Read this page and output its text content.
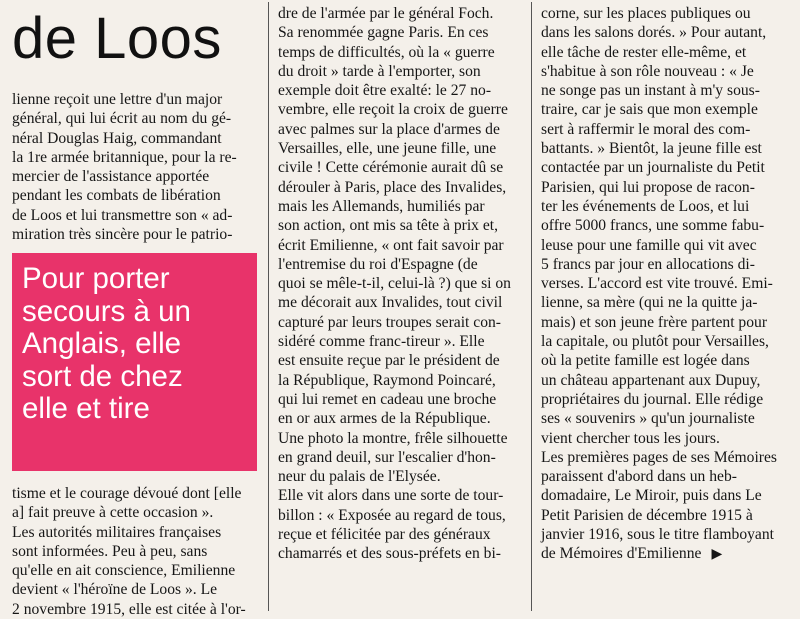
de Loos

lienne reçoit une lettre d'un major

général, qui lui écrit au nom du gé-

néral Douglas Haig, commandant

la 1re armée britannique, pour la re-

mercier de l'assistance apportée

pendant les combats de libération

de Loos et lui transmettre son « ad-

miration très sincère pour le patrio-

Pour porter
secours à un
Anglais, elle
sort de chez
elle et tire

tisme et le courage dévoué dont [elle

a] fait preuve à cette occasion ».

Les autorités militaires françaises

sont informées. Peu à peu, sans

qu'elle en ait conscience, Emilienne

devient « l'héroïne de Loos ». Le

2 novembre 1915, elle est citée à l'or-

dre de l'armée par le général Foch.

Sa renommée gagne Paris. En ces

temps de difficultés, où la « guerre

du droit » tarde à l'emporter, son

exemple doit être exalté: le 27 no-

vembre, elle reçoit la croix de guerre

avec palmes sur la place d'armes de

Versailles, elle, une jeune fille, une

civile ! Cette cérémonie aurait dû se

dérouler à Paris, place des Invalides,

mais les Allemands, humiliés par

son action, ont mis sa tête à prix et,

écrit Emilienne, « ont fait savoir par

l'entremise du roi d'Espagne (de

quoi se mêle-t-il, celui-là ?) que si on

me décorait aux Invalides, tout civil

capturé par leurs troupes serait con-

sidéré comme franc-tireur ». Elle

est ensuite reçue par le président de

la République, Raymond Poincaré,

qui lui remet en cadeau une broche

en or aux armes de la République.

Une photo la montre, frêle silhouette

en grand deuil, sur l'escalier d'hon-

neur du palais de l'Elysée.

Elle vit alors dans une sorte de tour-

billon : « Exposée au regard de tous,

reçue et félicitée par des généraux

chamarrés et des sous-préfets en bi-

corne, sur les places publiques ou

dans les salons dorés. » Pour autant,

elle tâche de rester elle-même, et

s'habitue à son rôle nouveau : « Je

ne songe pas un instant à m'y sous-

traire, car je sais que mon exemple

sert à raffermir le moral des com-

battants. » Bientôt, la jeune fille est

contactée par un journaliste du Petit

Parisien, qui lui propose de racon-

ter les événements de Loos, et lui

offre 5000 francs, une somme fabu-

leuse pour une famille qui vit avec

5 francs par jour en allocations di-

verses. L'accord est vite trouvé. Emi-

lienne, sa mère (qui ne la quitte ja-

mais) et son jeune frère partent pour

la capitale, ou plutôt pour Versailles,

où la petite famille est logée dans

un château appartenant aux Dupuy,

propriétaires du journal. Elle rédige

ses « souvenirs » qu'un journaliste

vient chercher tous les jours.

Les premières pages de ses Mémoires

paraissent d'abord dans un heb-

domadaire, Le Miroir, puis dans Le

Petit Parisien de décembre 1915 à

janvier 1916, sous le titre flamboyant

de Mémoires d'Emilienne ▶
